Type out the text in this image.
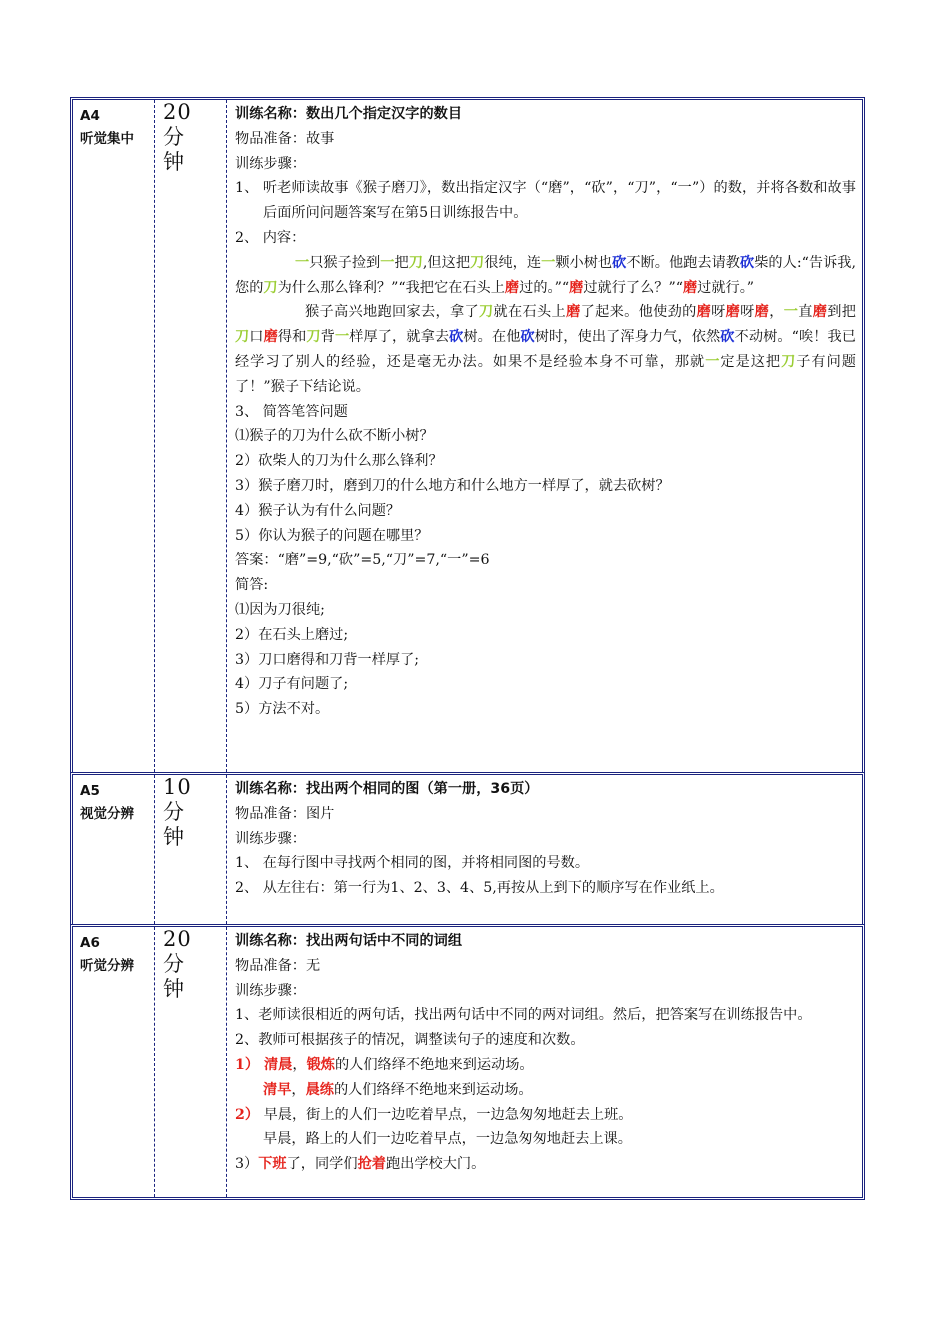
A4
听觉集中
20 分
钟

训练名称：数出几个指定汉字的数目

物品准备：故事

训练步骤：

1、 听老师读故事《猴子磨刀》，数出指定汉字（“磨”，“砍”，“刀”，“一”）的数，并将各数和故事后面所问问题答案写在第5日训练报告中。

2、 内容：

一只猴子捡到一把刀,但这把刀很纯，连一颗小树也砍不断。他跑去请教砍柴的人:“告诉我,您的刀为什么那么锋利？”“我把它在石头上磨过的。”“磨过就行了么？”“磨过就行。”

猴子高兴地跑回家去，拿了刀就在石头上磨了起来。他使劲的磨呀磨呀磨，一直磨到把刀口磨得和刀背一样厚了，就拿去砍树。在他砍树时，使出了浑身力气，依然砍不动树。“唉！我已经学习了别人的经验，还是毫无办法。如果不是经验本身不可靠，那就一定是这把刀子有问题了！”猴子下结论说。

3、 简答笔答问题

⑴猴子的刀为什么砍不断小树？

2）砍柴人的刀为什么那么锋利？

3）猴子磨刀时，磨到刀的什么地方和什么地方一样厚了，就去砍树？

4）猴子认为有什么问题？

5）你认为猴子的问题在哪里？

答案：“磨”=9,“砍”=5,“刀”=7,“一”=6

简答:

⑴因为刀很纯;

2）在石头上磨过;

3）刀口磨得和刀背一样厚了;

4）刀子有问题了;

5）方法不对。

A5
视觉分辨
10 分
钟

训练名称：找出两个相同的图（第一册，36页）

物品准备：图片

训练步骤：

1、 在每行图中寻找两个相同的图，并将相同图的号数。

2、 从左往右：第一行为1、2、3、4、5,再按从上到下的顺序写在作业纸上。

A6
听觉分辨
20 分
钟

训练名称：找出两句话中不同的词组

物品准备：无

训练步骤：

1、老师读很相近的两句话，找出两句话中不同的两对词组。然后，把答案写在训练报告中。

2、教师可根据孩子的情况，调整读句子的速度和次数。

1） 清晨，锻炼的人们络绎不绝地来到运动场。

清早，晨练的人们络绎不绝地来到运动场。

2） 早晨，街上的人们一边吃着早点，一边急匆匆地赶去上班。

早晨，路上的人们一边吃着早点，一边急匆匆地赶去上课。

3）下班了，同学们抢着跑出学校大门。
